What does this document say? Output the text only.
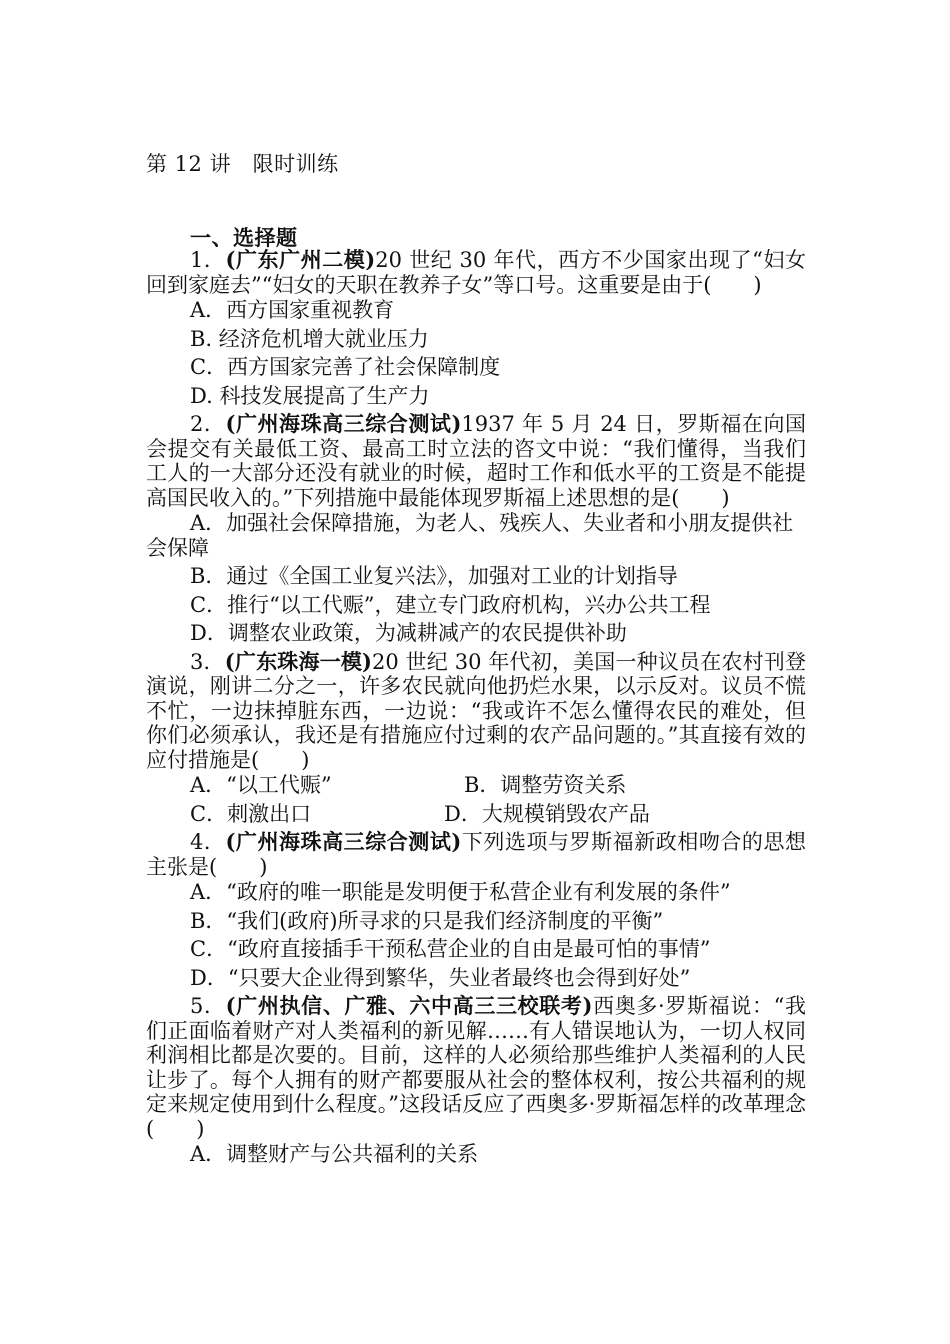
第 12 讲　限时训练
一、选择题

1．(广东广州二模)20 世纪 30 年代，西方不少国家出现了“妇女回到家庭去”“妇女的天职在教养子女”等口号。这重要是由于(　　)

A．西方国家重视教育

B. 经济危机增大就业压力

C．西方国家完善了社会保障制度

D. 科技发展提高了生产力

2．(广州海珠高三综合测试)1937 年 5 月 24 日，罗斯福在向国会提交有关最低工资、最高工时立法的咨文中说：“我们懂得，当我们工人的一大部分还没有就业的时候，超时工作和低水平的工资是不能提高国民收入的。”下列措施中最能体现罗斯福上述思想的是(　　)

A．加强社会保障措施，为老人、残疾人、失业者和小朋友提供社会保障

B．通过《全国工业复兴法》，加强对工业的计划指导

C．推行“以工代赈”，建立专门政府机构，兴办公共工程

D．调整农业政策，为减耕减产的农民提供补助

3．(广东珠海一模)20 世纪 30 年代初，美国一种议员在农村刊登演说，刚讲二分之一，许多农民就向他扔烂水果，以示反对。议员不慌不忙，一边抹掉脏东西，一边说：“我或许不怎么懂得农民的难处，但你们必须承认，我还是有措施应付过剩的农产品问题的。”其直接有效的应付措施是(　　)

A．“以工代赈”	B．调整劳资关系
C．刺激出口	D．大规模销毁农产品

4．(广州海珠高三综合测试)下列选项与罗斯福新政相吻合的思想主张是(　　)

A．“政府的唯一职能是发明便于私营企业有利发展的条件”

B．“我们(政府)所寻求的只是我们经济制度的平衡”

C．“政府直接插手干预私营企业的自由是最可怕的事情”

D．“只要大企业得到繁华，失业者最终也会得到好处”

5．(广州执信、广雅、六中高三三校联考)西奥多·罗斯福说：“我们正面临着财产对人类福利的新见解……有人错误地认为，一切人权同利润相比都是次要的。目前，这样的人必须给那些维护人类福利的人民让步了。每个人拥有的财产都要服从社会的整体权利，按公共福利的规定来规定使用到什么程度。”这段话反应了西奥多·罗斯福怎样的改革理念(　　)

A．调整财产与公共福利的关系
